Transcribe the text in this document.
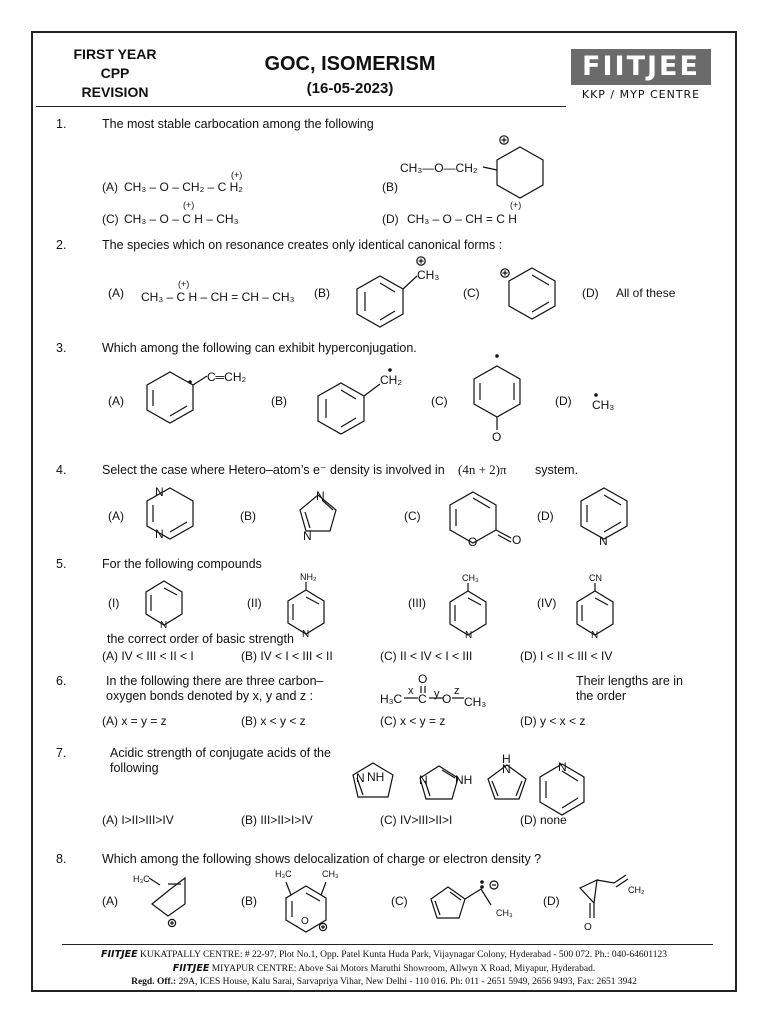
FIRST YEAR
CPP
REVISION
GOC, ISOMERISM
(16-05-2023)
FIITJEE
KKP / MYP CENTRE
1.	The most stable carbocation among the following
(A) CH₃ – O – CH₂ – C H₂	(B)
CH₃—O—CH₂
(C) CH₃ – O – C H – CH₃	(D) CH₃ – O – CH = C H
2.	The species which on resonance creates only identical canonical forms :
(A) CH₃ – C H – CH = CH – CH₃ (B)
CH₃
(C)	(D) All of these
3.	Which among the following can exhibit hyperconjugation.
(A)
C═CH₂
(B)
CH₂
(C)
O
(D) CH₃
4.	Select the case where Hetero–atom’s e⁻ density is involved in (4n + 2)π system.
(A)	(B)	(C)	(D)
5.	For the following compounds
(I)	(II)	(III)	(IV)
the correct order of basic strength
(A) IV < III < II < I	(B) IV < I < III < II	(C) II < IV < I < III	(D) I < II < III < IV
6.	In the following there are three carbon– oxygen bonds denoted by x, y and z :
Their lengths are in the order
(A) x = y = z	(B) x < y < z	(C) x < y = z	(D) y < x < z
7.	Acidic strength of conjugate acids of the following
(A) I>II>III>IV	(B) III>II>I>IV	(C) IV>III>II>I	(D) none
8.	Which among the following shows delocalization of charge or electron density ?
(A)	(B)	(C)	(D)
(+)
(+)	(+)
(+)
N
N
N
N	O	O	N
N
N	N	N
NH₂	CH₃	CN
H₃C C
O
O CH₃
x y z
N NH	N NH
H
N	N
H₃C	H₃C	CH₃
O
CH₃
CH₂
O
FIITJEE KUKATPALLY CENTRE: # 22-97, Plot No.1, Opp. Patel Kunta Huda Park, Vijaynagar Colony, Hyderabad - 500 072. Ph.: 040-64601123
FIITJEE MIYAPUR CENTRE: Above Sai Motors Maruthi Showroom, Allwyn X Road, Miyapur, Hyderabad.
Regd. Off.: 29A, ICES House, Kalu Sarai, Sarvapriya Vihar, New Delhi - 110 016. Ph: 011 - 2651 5949, 2656 9493, Fax: 2651 3942
